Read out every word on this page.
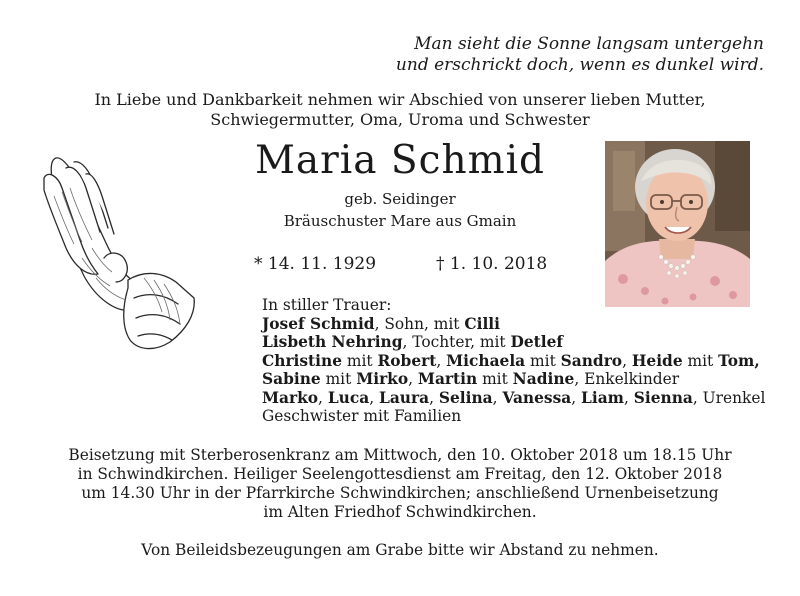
Man sieht die Sonne langsam untergehn
und erschrickt doch, wenn es dunkel wird.
In Liebe und Dankbarkeit nehmen wir Abschied von unserer lieben Mutter,
Schwiegermutter, Oma, Uroma und Schwester
Maria Schmid
geb. Seidinger
Bräuschuster Mare aus Gmain
* 14. 11. 1929	† 1. 10. 2018
In stiller Trauer:
Josef Schmid, Sohn, mit Cilli
Lisbeth Nehring, Tochter, mit Detlef
Christine mit Robert, Michaela mit Sandro, Heide mit Tom,
Sabine mit Mirko, Martin mit Nadine, Enkelkinder
Marko, Luca, Laura, Selina, Vanessa, Liam, Sienna, Urenkel
Geschwister mit Familien
Beisetzung mit Sterberosenkranz am Mittwoch, den 10. Oktober 2018 um 18.15 Uhr
in Schwindkirchen. Heiliger Seelengottesdienst am Freitag, den 12. Oktober 2018
um 14.30 Uhr in der Pfarrkirche Schwindkirchen; anschließend Urnenbeisetzung
im Alten Friedhof Schwindkirchen.
Von Beileidsbezeugungen am Grabe bitte wir Abstand zu nehmen.
